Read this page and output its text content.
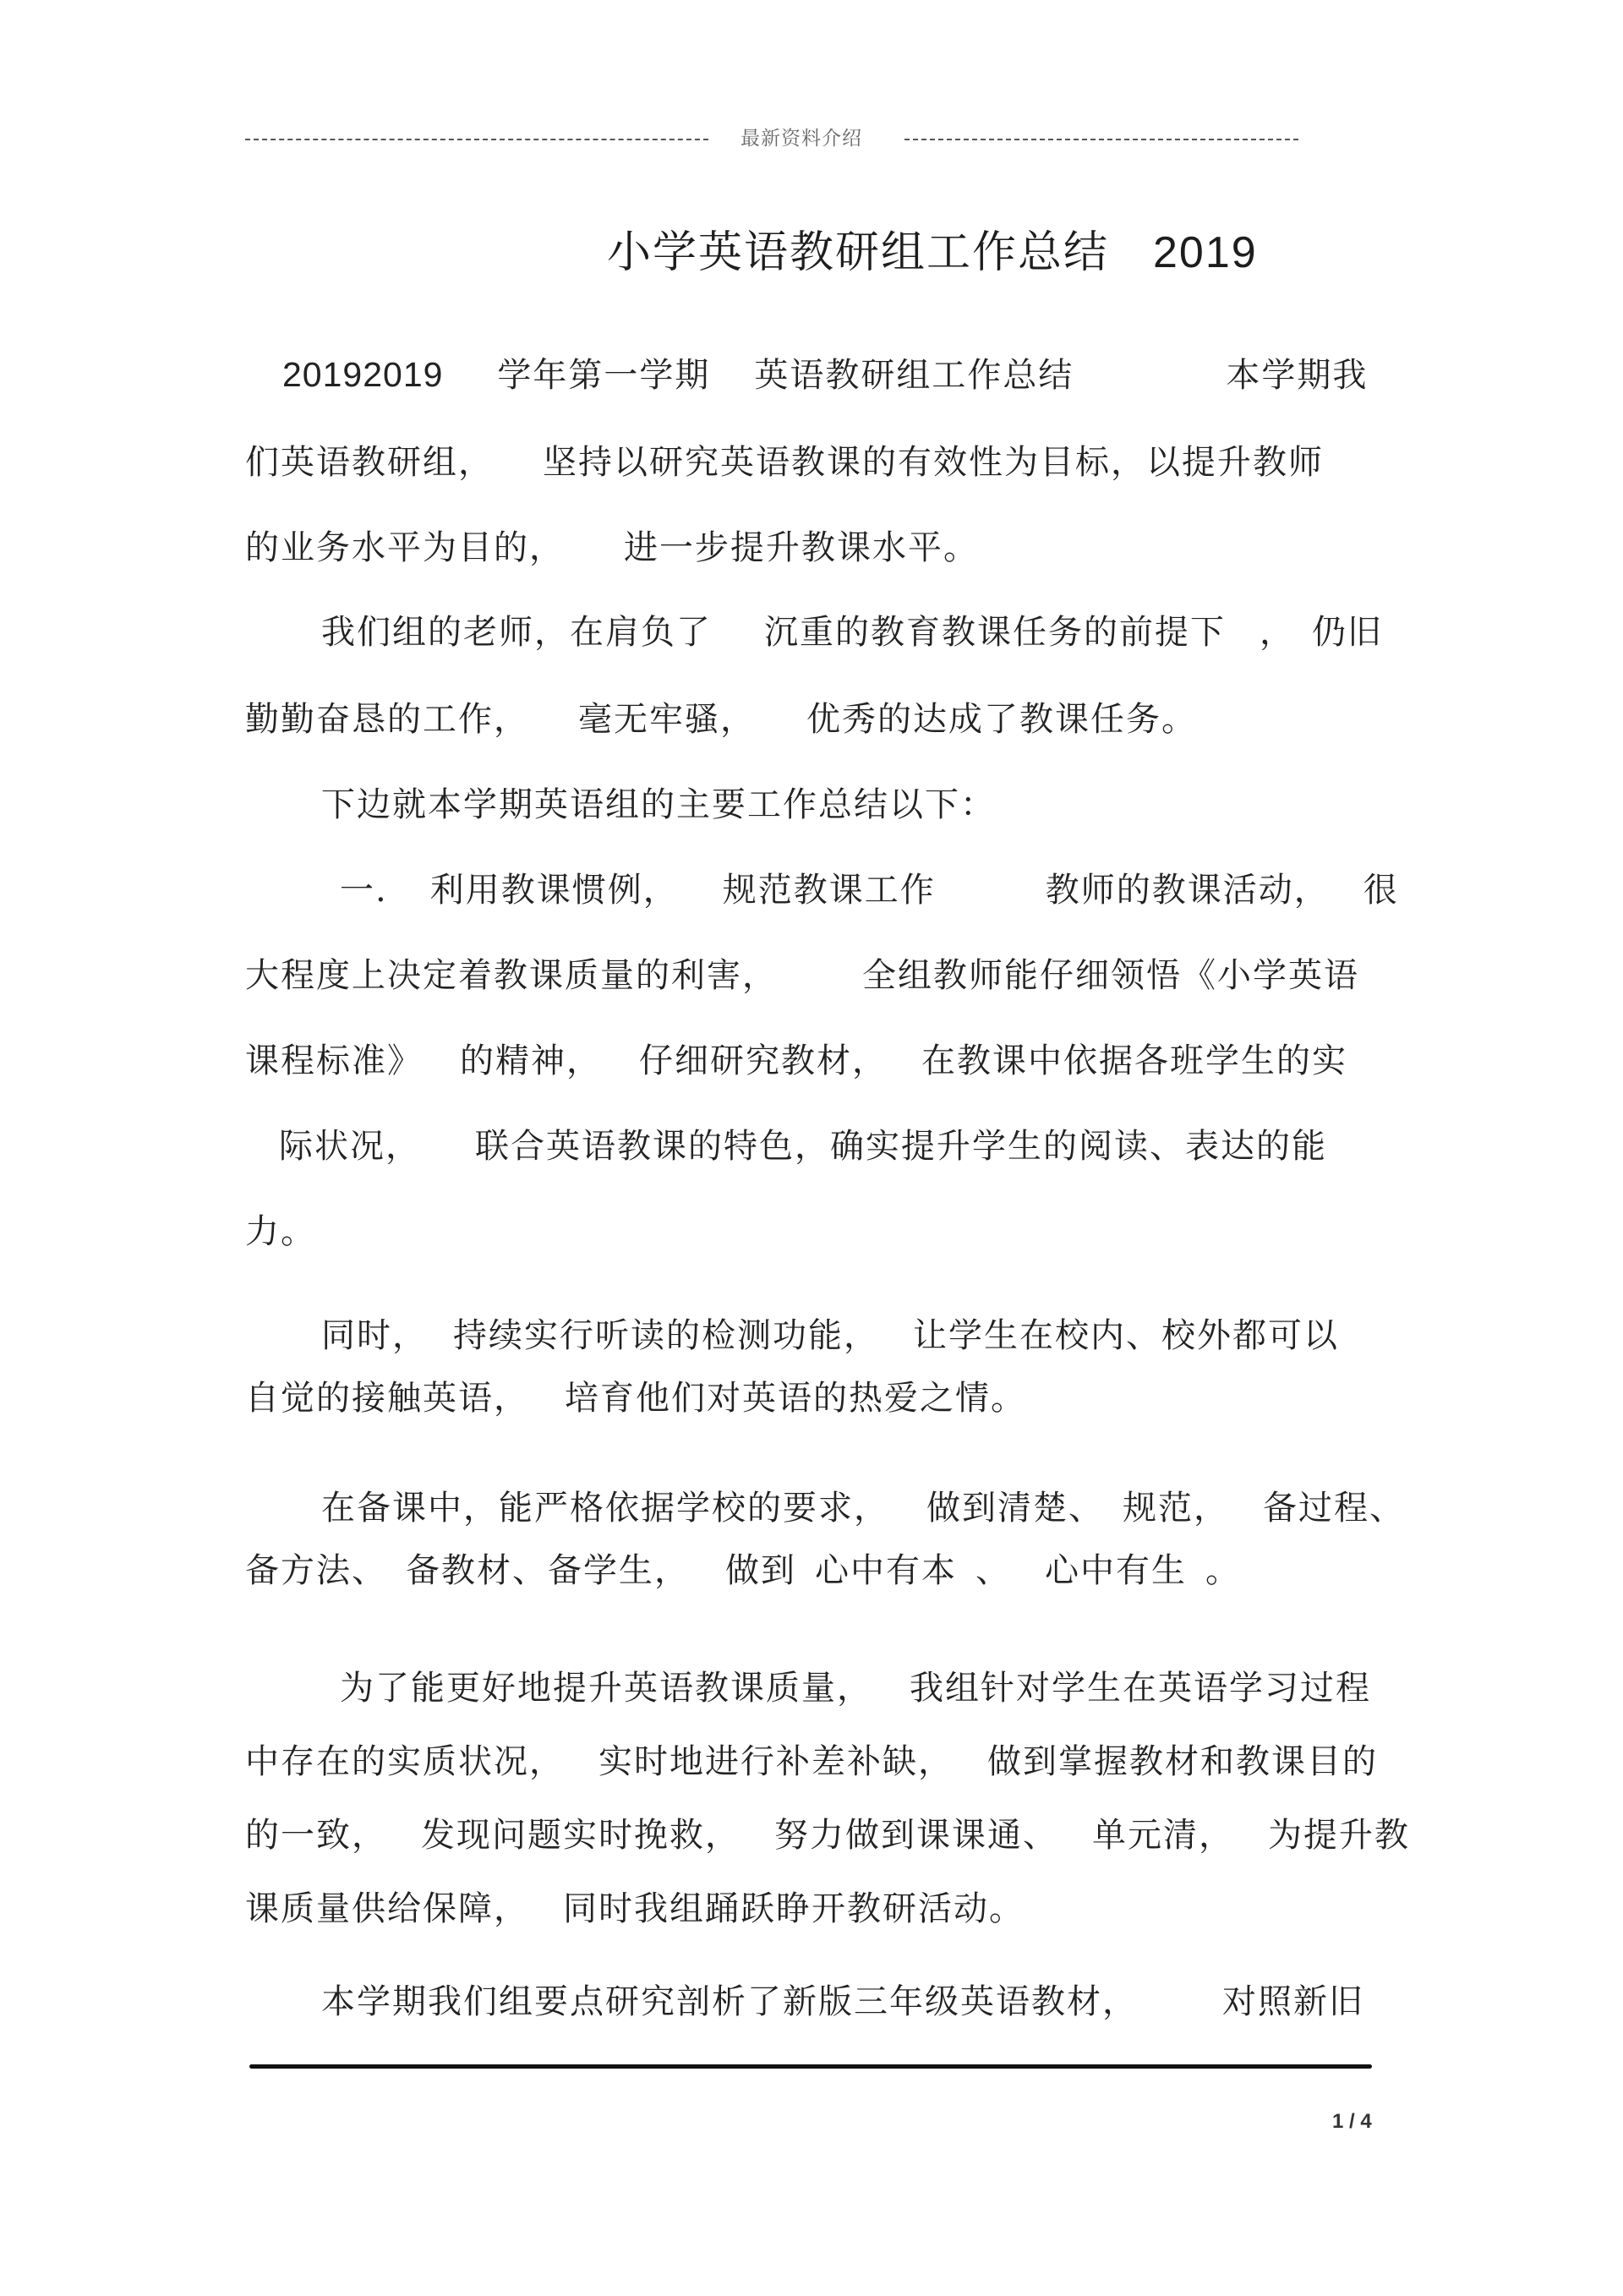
最新资料介绍
小学英语教研组工作总结 2019
20192019 学年第一学期 英语教研组工作总结	本学期我
们英语教研组， 坚持以研究英语教课的有效性为目标，以提升教师
的业务水平为目的， 进一步提升教课水平。
我们组的老师，在肩负了 沉重的教育教课任务的前提下 ， 仍旧
勤勤奋恳的工作， 毫无牢骚， 优秀的达成了教课任务。
下边就本学期英语组的主要工作总结以下：
一. 利用教课惯例， 规范教课工作	教师的教课活动， 很
大程度上决定着教课质量的利害，	全组教师能仔细领悟《小学英语
课程标准》 的精神， 仔细研究教材， 在教课中依据各班学生的实
际状况， 联合英语教课的特色，确实提升学生的阅读、表达的能
力。
同时， 持续实行听读的检测功能， 让学生在校内、校外都可以
自觉的接触英语， 培育他们对英语的热爱之情。
在备课中，能严格依据学校的要求， 做到清楚、 规范， 备过程、
备方法、 备教材、备学生， 做到 心中有本 、 心中有生 。
为了能更好地提升英语教课质量， 我组针对学生在英语学习过程
中存在的实质状况， 实时地进行补差补缺， 做到掌握教材和教课目的
的一致， 发现问题实时挽救， 努力做到课课通、 单元清， 为提升教
课质量供给保障， 同时我组踊跃睁开教研活动。
本学期我们组要点研究剖析了新版三年级英语教材，	对照新旧
1 / 4
